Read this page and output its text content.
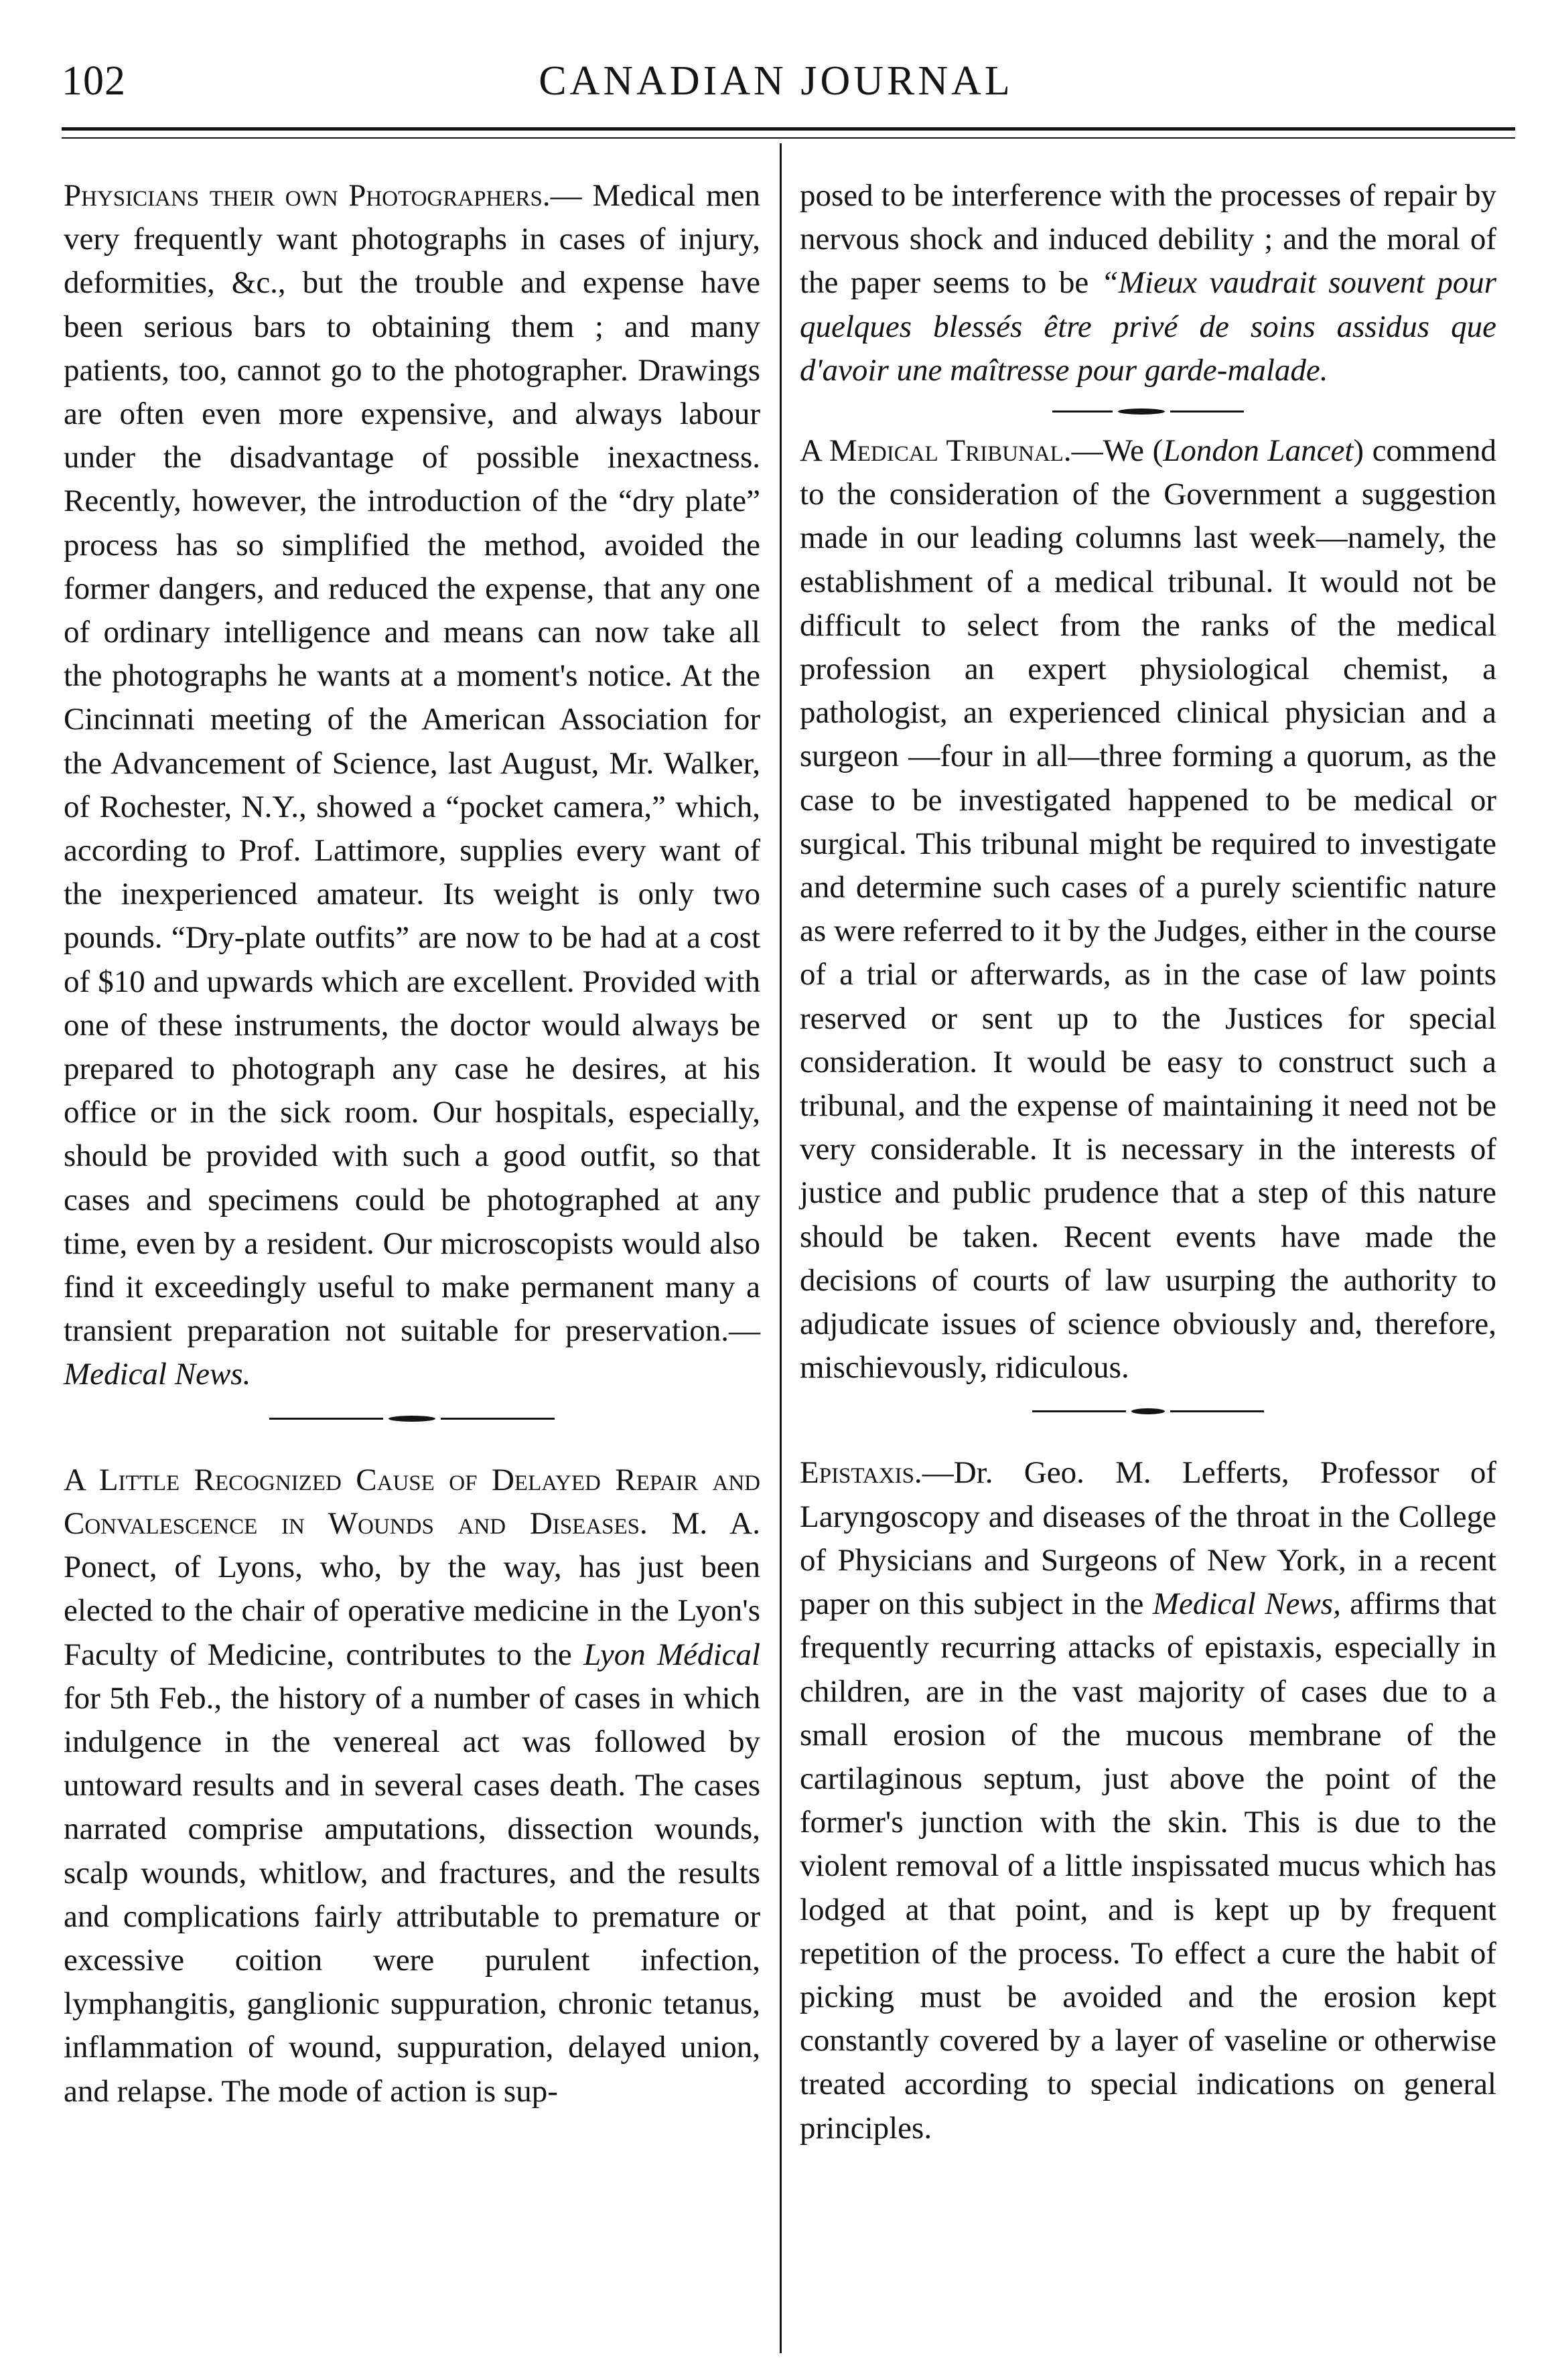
102	CANADIAN JOURNAL

Physicians their own Photographers.— Medical men very frequently want photographs in cases of injury, deformities, &c., but the trouble and expense have been serious bars to obtaining them ; and many patients, too, cannot go to the photographer. Drawings are often even more expensive, and always labour under the disadvantage of possible inexactness. Recently, however, the introduction of the “dry plate” process has so simplified the method, avoided the former dangers, and reduced the expense, that any one of ordinary intelligence and means can now take all the photographs he wants at a moment's notice. At the Cincinnati meeting of the American Association for the Advancement of Science, last August, Mr. Walker, of Rochester, N.Y., showed a “pocket camera,” which, according to Prof. Lattimore, supplies every want of the inexperienced amateur. Its weight is only two pounds. “Dry-plate outfits” are now to be had at a cost of $10 and upwards which are excellent. Provided with one of these instruments, the doctor would always be prepared to photograph any case he desires, at his office or in the sick room. Our hospitals, especially, should be provided with such a good outfit, so that cases and specimens could be photographed at any time, even by a resident. Our microscopists would also find it exceedingly useful to make permanent many a transient preparation not suitable for preservation.—Medical News.

A Little Recognized Cause of Delayed Repair and Convalescence in Wounds and Diseases. M. A. Ponect, of Lyons, who, by the way, has just been elected to the chair of operative medicine in the Lyon's Faculty of Medicine, contributes to the Lyon Médical for 5th Feb., the history of a number of cases in which indulgence in the venereal act was followed by untoward results and in several cases death. The cases narrated comprise amputations, dissection wounds, scalp wounds, whitlow, and fractures, and the results and complications fairly attributable to premature or excessive coition were purulent infection, lymphangitis, ganglionic suppuration, chronic tetanus, inflammation of wound, suppuration, delayed union, and relapse. The mode of action is sup-

posed to be interference with the processes of repair by nervous shock and induced debility ; and the moral of the paper seems to be “Mieux vaudrait souvent pour quelques blessés être privé de soins assidus que d'avoir une maîtresse pour garde-malade.

A Medical Tribunal.—We (London Lancet) commend to the consideration of the Government a suggestion made in our leading columns last week—namely, the establishment of a medical tribunal. It would not be difficult to select from the ranks of the medical profession an expert physiological chemist, a pathologist, an experienced clinical physician and a surgeon —four in all—three forming a quorum, as the case to be investigated happened to be medical or surgical. This tribunal might be required to investigate and determine such cases of a purely scientific nature as were referred to it by the Judges, either in the course of a trial or afterwards, as in the case of law points reserved or sent up to the Justices for special consideration. It would be easy to construct such a tribunal, and the expense of maintaining it need not be very considerable. It is necessary in the interests of justice and public prudence that a step of this nature should be taken. Recent events have made the decisions of courts of law usurping the authority to adjudicate issues of science obviously and, therefore, mischievously, ridiculous.

Epistaxis.—Dr. Geo. M. Lefferts, Professor of Laryngoscopy and diseases of the throat in the College of Physicians and Surgeons of New York, in a recent paper on this subject in the Medical News, affirms that frequently recurring attacks of epistaxis, especially in children, are in the vast majority of cases due to a small erosion of the mucous membrane of the cartilaginous septum, just above the point of the former's junction with the skin. This is due to the violent removal of a little inspissated mucus which has lodged at that point, and is kept up by frequent repetition of the process. To effect a cure the habit of picking must be avoided and the erosion kept constantly covered by a layer of vaseline or otherwise treated according to special indications on general principles.
